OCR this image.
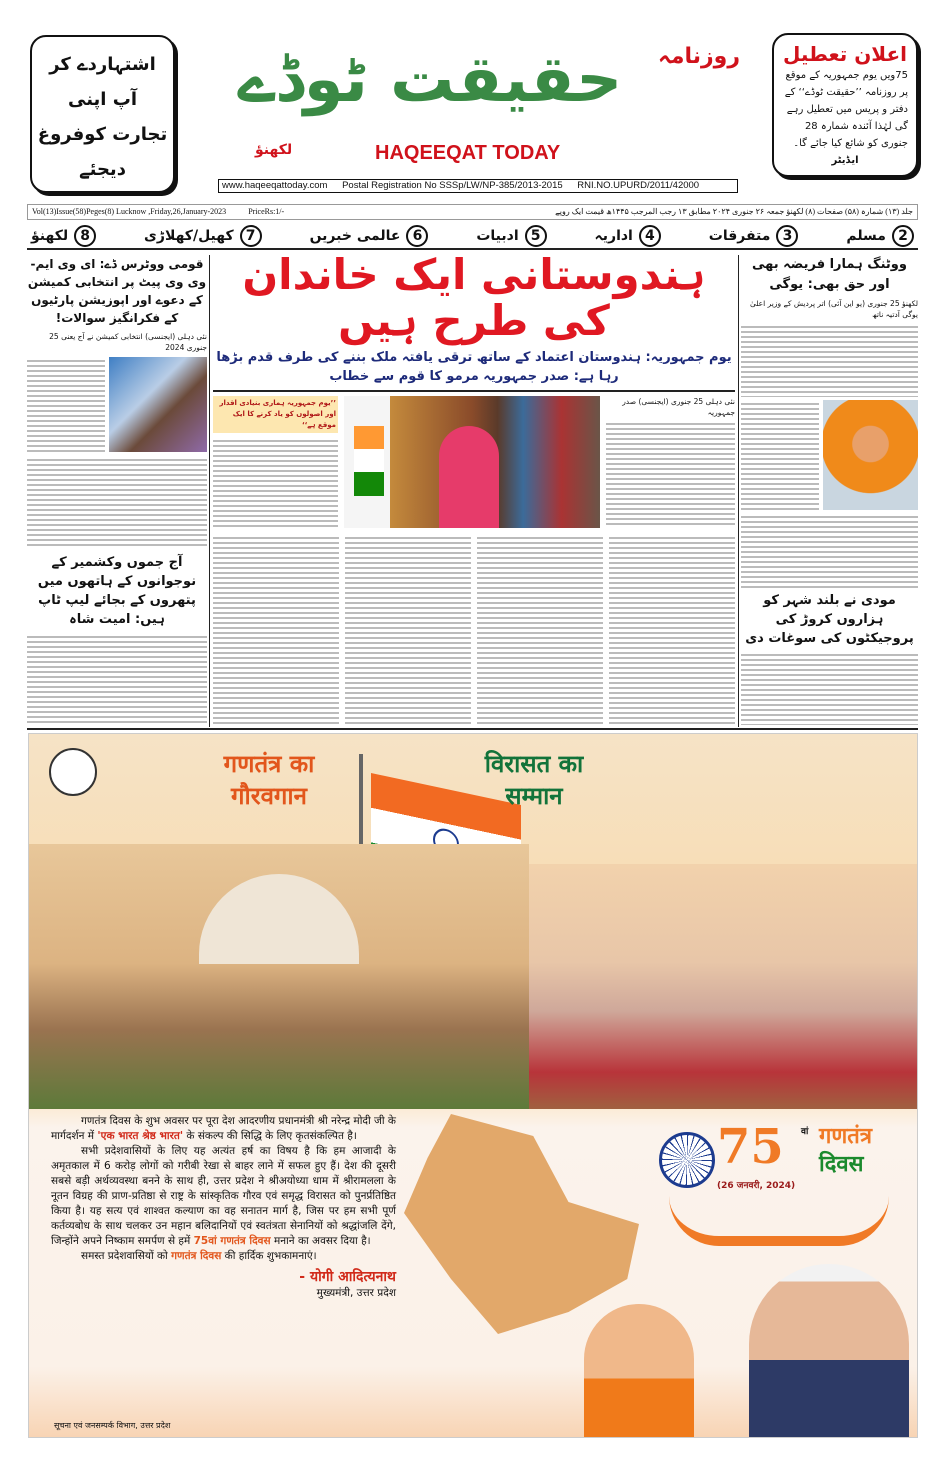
اشتہاردے کر
آپ اپنی
تجارت کوفروغ
دیجئے
حقیقت ٹوڈے	روزنامہ
لکھنؤ	HAQEEQAT TODAY
www.haqeeqattoday.com Postal Registration No SSSp/LW/NP-385/2013-2015 RNI.NO.UPURD/2011/42000
اعلان تعطیل
75ویں یوم جمہوریہ کے موقع پر روزنامہ ’’حقیقت ٹوڈے‘‘ کے دفتر و پریس میں تعطیل رہے گی لہٰذا آئندہ شمارہ 28 جنوری کو شائع کیا جائے گا۔
ایڈیٹر
Vol(13)Issue(58)Peges(8) Lucknow ,Friday,26,January-2023	PriceRs:1/-	جلد (۱۳) شمارہ (۵۸) صفحات (۸) لکھنؤ جمعہ ۲۶ جنوری ۲۰۲۴ مطابق ۱۳ رجب المرجب ۱۴۴۵ھ قیمت ایک روپے
2
مسلم
3
متفرقات
4
اداریہ
5
ادبیات
6
عالمی خبریں
7
کھیل/کھلاڑی
8
لکھنؤ
قومی ووٹرس ڈے: ای وی ایم- وی وی پیٹ پر انتخابی کمیشن کے دعوے اور اپوزیشن پارٹیوں کے فکرانگیز سوالات!
نئی دہلی (ایجنسی) انتخابی کمیشن نے آج یعنی 25 جنوری 2024
آج جموں وکشمیر کے نوجوانوں کے ہاتھوں میں پتھروں کے بجائے لیپ ٹاپ ہیں: امیت شاہ
ہندوستانی ایک خاندان کی طرح ہیں
یوم جمہوریہ: ہندوستان اعتماد کے ساتھ ترقی یافتہ ملک بننے کی طرف قدم بڑھا رہا ہے: صدر جمہوریہ مرمو کا قوم سے خطاب
’’یوم جمہوریہ ہماری بنیادی اقدار اور اصولوں کو یاد کرنے کا ایک موقع ہے‘‘
نئی دہلی 25 جنوری (ایجنسی) صدر جمہوریہ
ووٹنگ ہمارا فریضہ بھی اور حق بھی: یوگی
لکھنؤ 25 جنوری (یو این آئی) اتر پردیش کے وزیر اعلیٰ یوگی آدتیہ ناتھ
مودی نے بلند شہر کو ہزاروں کروڑ کی پروجیکٹوں کی سوغات دی
गणतंत्र का गौरवगान
विरासत का सम्मान

गणतंत्र दिवस के शुभ अवसर पर पूरा देश आदरणीय प्रधानमंत्री श्री नरेन्द्र मोदी जी के मार्गदर्शन में 'एक भारत श्रेष्ठ भारत' के संकल्प की सिद्धि के लिए कृतसंकल्पित है।

सभी प्रदेशवासियों के लिए यह अत्यंत हर्ष का विषय है कि हम आजादी के अमृतकाल में 6 करोड़ लोगों को गरीबी रेखा से बाहर लाने में सफल हुए हैं। देश की दूसरी सबसे बड़ी अर्थव्यवस्था बनने के साथ ही, उत्तर प्रदेश ने श्रीअयोध्या धाम में श्रीरामलला के नूतन विग्रह की प्राण-प्रतिष्ठा से राष्ट्र के सांस्कृतिक गौरव एवं समृद्ध विरासत को पुनर्प्रतिष्ठित किया है। यह सत्य एवं शाश्वत कल्याण का वह सनातन मार्ग है, जिस पर हम सभी पूर्ण कर्तव्यबोध के साथ चलकर उन महान बलिदानियों एवं स्वतंत्रता सेनानियों को श्रद्धांजलि देंगे, जिन्होंने अपने निष्काम समर्पण से हमें 75वां गणतंत्र दिवस मनाने का अवसर दिया है।

समस्त प्रदेशवासियों को गणतंत्र दिवस की हार्दिक शुभकामनाएं।

- योगी आदित्यनाथ
मुख्यमंत्री, उत्तर प्रदेश
सूचना एवं जनसम्पर्क विभाग, उत्तर प्रदेश
75 वां गणतंत्र
दिवस
(26 जनवरी, 2024)
